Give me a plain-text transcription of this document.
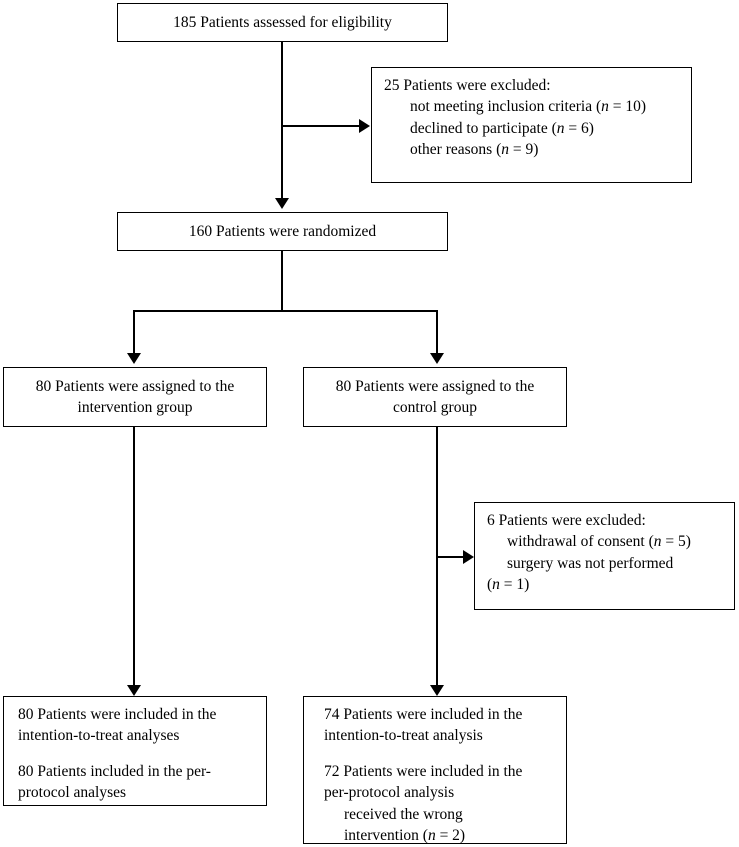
185 Patients assessed for eligibility
25 Patients were excluded:
not meeting inclusion criteria (n = 10)
declined to participate (n = 6)
other reasons (n = 9)
160 Patients were randomized
80 Patients were assigned to the
intervention group
80 Patients were assigned to the
control group
6 Patients were excluded:
withdrawal of consent (n = 5)
surgery was not performed
(n = 1)
80 Patients were included in the
intention-to-treat analyses
80 Patients included in the per-
protocol analyses
74 Patients were included in the
intention-to-treat analysis
72 Patients were included in the
per-protocol analysis
received the wrong
intervention (n = 2)
